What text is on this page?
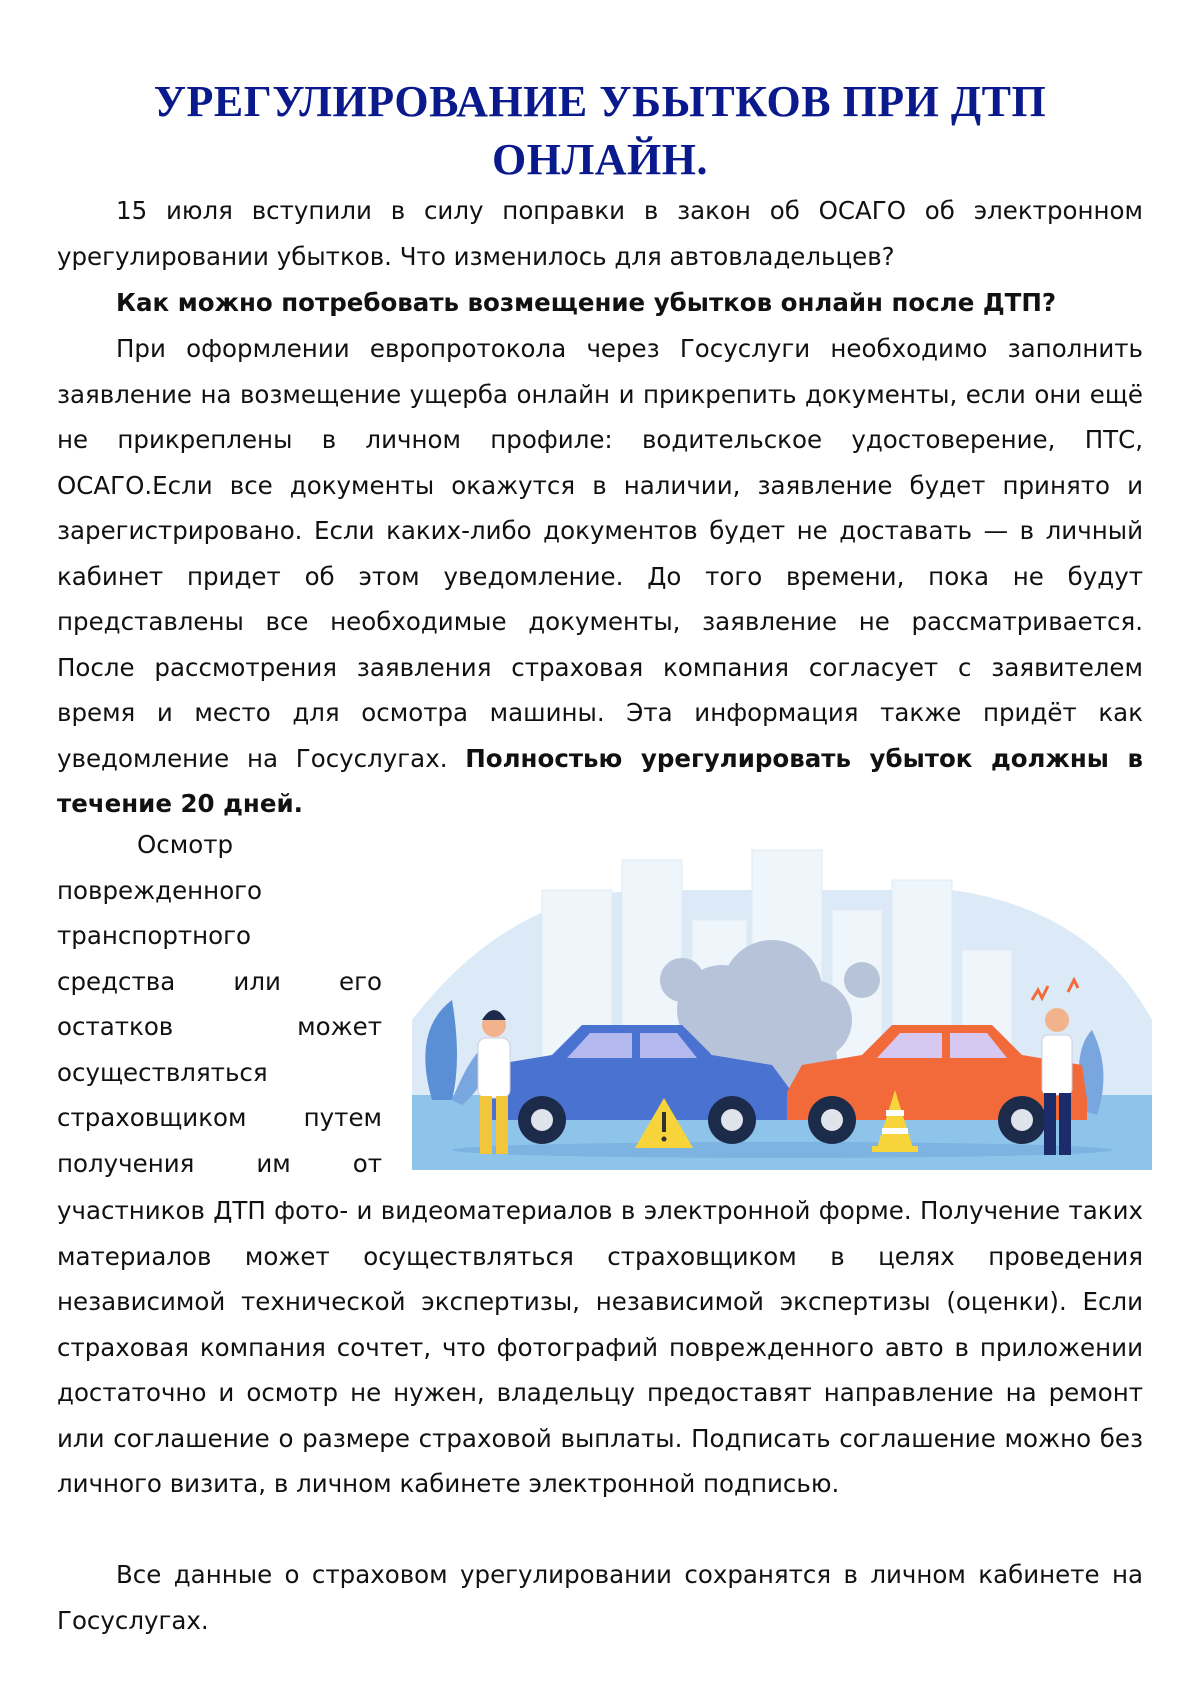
УРЕГУЛИРОВАНИЕ УБЫТКОВ ПРИ ДТП ОНЛАЙН.

15 июля вступили в силу поправки в закон об ОСАГО об электронном урегулировании убытков. Что изменилось для автовладельцев?

Как можно потребовать возмещение убытков онлайн после ДТП?

При оформлении европротокола через Госуслуги необходимо заполнить заявление на возмещение ущерба онлайн и прикрепить документы, если они ещё не прикреплены в личном профиле: водительское удостоверение, ПТС, ОСАГО.Если все документы окажутся в наличии, заявление будет принято и зарегистрировано. Если каких-либо документов будет не доставать — в личный кабинет придет об этом уведомление. До того времени, пока не будут представлены все необходимые документы, заявление не рассматривается. После рассмотрения заявления страховая компания согласует с заявителем время и место для осмотра машины. Эта информация также придёт как уведомление на Госуслугах. Полностью урегулировать убыток должны в течение 20 дней.

Осмотр

поврежденного

транспортного

средства или его

остатков может

осуществляться

страховщиком путем

получения им от

участников ДТП фото- и видеоматериалов в электронной форме. Получение таких материалов может осуществляться страховщиком в целях проведения независимой технической экспертизы, независимой экспертизы (оценки). Если страховая компания сочтет, что фотографий поврежденного авто в приложении достаточно и осмотр не нужен, владельцу предоставят направление на ремонт или соглашение о размере страховой выплаты. Подписать соглашение можно без личного визита, в личном кабинете электронной подписью.

Все данные о страховом урегулировании сохранятся в личном кабинете на Госуслугах.
